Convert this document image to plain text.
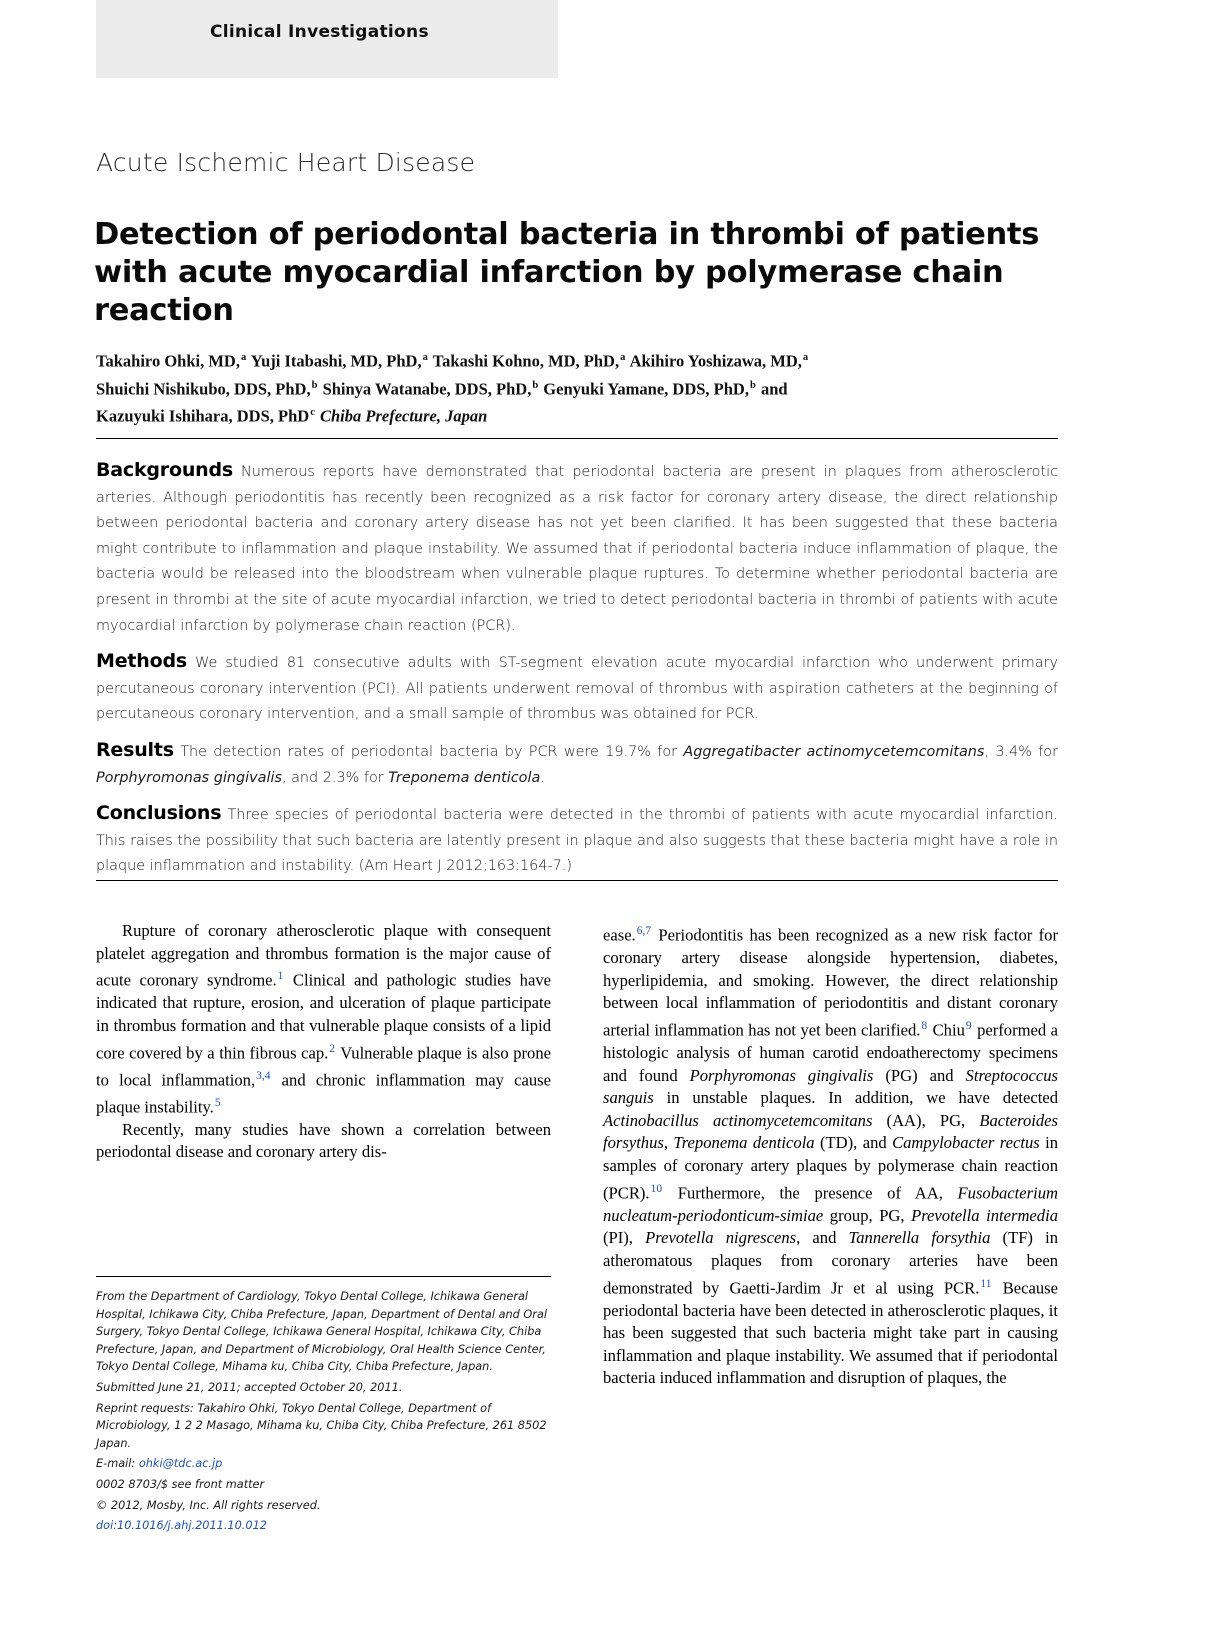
Clinical Investigations
Acute Ischemic Heart Disease
Detection of periodontal bacteria in thrombi of patients with acute myocardial infarction by polymerase chain reaction
Takahiro Ohki, MD,$^a$ Yuji Itabashi, MD, PhD,$^a$ Takashi Kohno, MD, PhD,$^a$ Akihiro Yoshizawa, MD,$^a$
Shuichi Nishikubo, DDS, PhD,$^b$ Shinya Watanabe, DDS, PhD,$^b$ Genyuki Yamane, DDS, PhD,$^b$ and
Kazuyuki Ishihara, DDS, PhD$^c$ Chiba Prefecture, Japan

Backgrounds Numerous reports have demonstrated that periodontal bacteria are present in plaques from atherosclerotic arteries. Although periodontitis has recently been recognized as a risk factor for coronary artery disease, the direct relationship between periodontal bacteria and coronary artery disease has not yet been clarified. It has been suggested that these bacteria might contribute to inflammation and plaque instability. We assumed that if periodontal bacteria induce inflammation of plaque, the bacteria would be released into the bloodstream when vulnerable plaque ruptures. To determine whether periodontal bacteria are present in thrombi at the site of acute myocardial infarction, we tried to detect periodontal bacteria in thrombi of patients with acute myocardial infarction by polymerase chain reaction (PCR).

Methods We studied 81 consecutive adults with ST-segment elevation acute myocardial infarction who underwent primary percutaneous coronary intervention (PCI). All patients underwent removal of thrombus with aspiration catheters at the beginning of percutaneous coronary intervention, and a small sample of thrombus was obtained for PCR.

Results The detection rates of periodontal bacteria by PCR were 19.7% for Aggregatibacter actinomycetemcomitans, 3.4% for Porphyromonas gingivalis, and 2.3% for Treponema denticola.

Conclusions Three species of periodontal bacteria were detected in the thrombi of patients with acute myocardial infarction. This raises the possibility that such bacteria are latently present in plaque and also suggests that these bacteria might have a role in plaque inflammation and instability. (Am Heart J 2012;163:164-7.)

Rupture of coronary atherosclerotic plaque with consequent platelet aggregation and thrombus formation is the major cause of acute coronary syndrome.$^1$ Clinical and pathologic studies have indicated that rupture, erosion, and ulceration of plaque participate in thrombus formation and that vulnerable plaque consists of a lipid core covered by a thin fibrous cap.$^2$ Vulnerable plaque is also prone to local inflammation,$^{3,4}$ and chronic inflammation may cause plaque instability.$^5$

Recently, many studies have shown a correlation between periodontal disease and coronary artery dis-

ease.$^{6,7}$ Periodontitis has been recognized as a new risk factor for coronary artery disease alongside hypertension, diabetes, hyperlipidemia, and smoking. However, the direct relationship between local inflammation of periodontitis and distant coronary arterial inflammation has not yet been clarified.$^8$ Chiu$^9$ performed a histologic analysis of human carotid endoatherectomy specimens and found Porphyromonas gingivalis (PG) and Streptococcus sanguis in unstable plaques. In addition, we have detected Actinobacillus actinomycetemcomitans (AA), PG, Bacteroides forsythus, Treponema denticola (TD), and Campylobacter rectus in samples of coronary artery plaques by polymerase chain reaction (PCR).$^{10}$ Furthermore, the presence of AA, Fusobacterium nucleatum-periodonticum-simiae group, PG, Prevotella intermedia (PI), Prevotella nigrescens, and Tannerella forsythia (TF) in atheromatous plaques from coronary arteries have been demonstrated by Gaetti-Jardim Jr et al using PCR.$^{11}$ Because periodontal bacteria have been detected in atherosclerotic plaques, it has been suggested that such bacteria might take part in causing inflammation and plaque instability. We assumed that if periodontal bacteria induced inflammation and disruption of plaques, the

From the Department of Cardiology, Tokyo Dental College, Ichikawa General Hospital, Ichikawa City, Chiba Prefecture, Japan, Department of Dental and Oral Surgery, Tokyo Dental College, Ichikawa General Hospital, Ichikawa City, Chiba Prefecture, Japan, and Department of Microbiology, Oral Health Science Center, Tokyo Dental College, Mihama ku, Chiba City, Chiba Prefecture, Japan.

Submitted June 21, 2011; accepted October 20, 2011.

Reprint requests: Takahiro Ohki, Tokyo Dental College, Department of Microbiology, 1 2 2 Masago, Mihama ku, Chiba City, Chiba Prefecture, 261 8502 Japan.

E-mail: ohki@tdc.ac.jp

0002 8703/$ see front matter

© 2012, Mosby, Inc. All rights reserved.

doi:10.1016/j.ahj.2011.10.012
